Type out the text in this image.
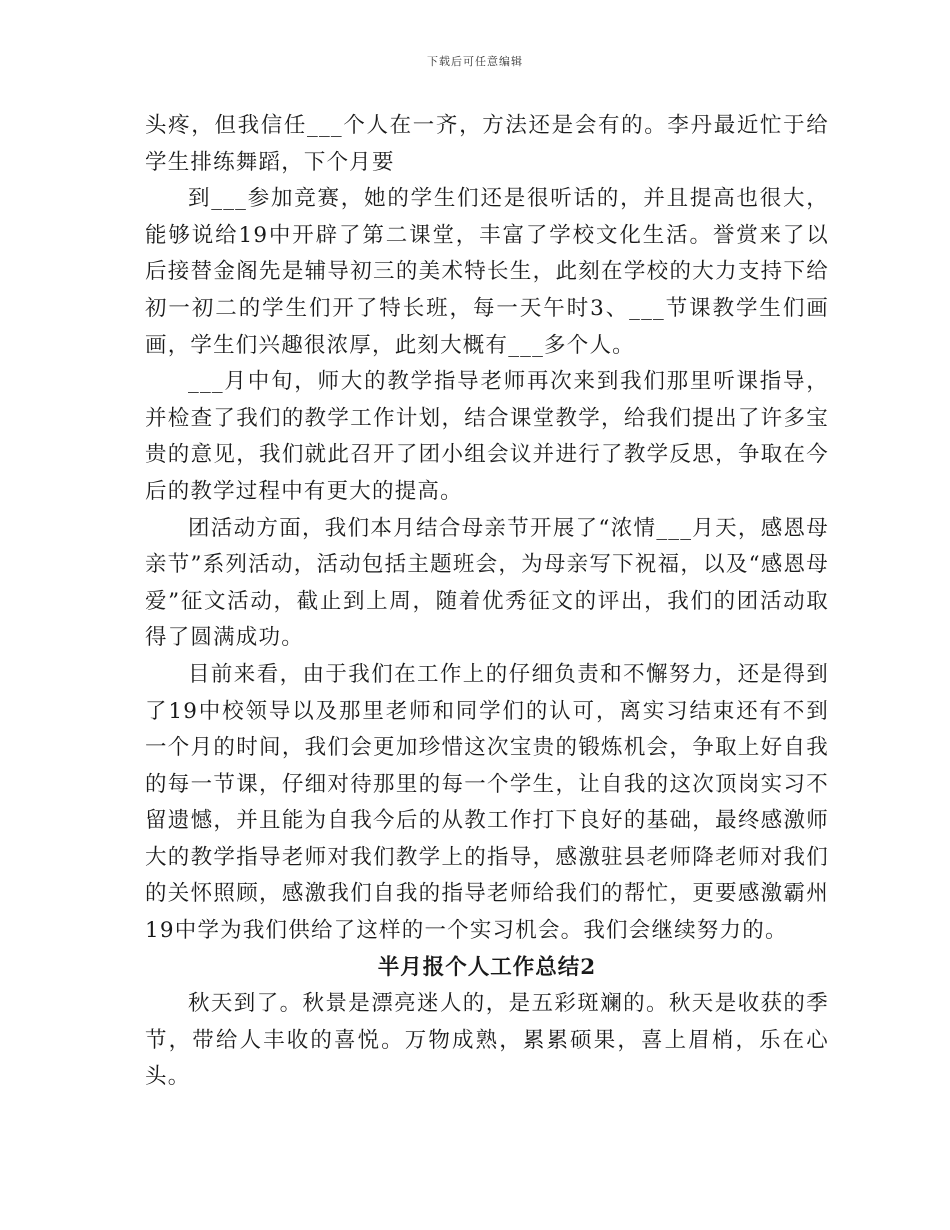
下载后可任意编辑

头疼，但我信任___个人在一齐，方法还是会有的。李丹最近忙于给学生排练舞蹈，下个月要

到___参加竞赛，她的学生们还是很听话的，并且提高也很大，能够说给19中开辟了第二课堂，丰富了学校文化生活。誉赏来了以后接替金阁先是辅导初三的美术特长生，此刻在学校的大力支持下给初一初二的学生们开了特长班，每一天午时3、___节课教学生们画画，学生们兴趣很浓厚，此刻大概有___多个人。

___月中旬，师大的教学指导老师再次来到我们那里听课指导，并检查了我们的教学工作计划，结合课堂教学，给我们提出了许多宝贵的意见，我们就此召开了团小组会议并进行了教学反思，争取在今后的教学过程中有更大的提高。

团活动方面，我们本月结合母亲节开展了“浓情___月天，感恩母亲节”系列活动，活动包括主题班会，为母亲写下祝福，以及“感恩母爱”征文活动，截止到上周，随着优秀征文的评出，我们的团活动取得了圆满成功。

目前来看，由于我们在工作上的仔细负责和不懈努力，还是得到了19中校领导以及那里老师和同学们的认可，离实习结束还有不到一个月的时间，我们会更加珍惜这次宝贵的锻炼机会，争取上好自我的每一节课，仔细对待那里的每一个学生，让自我的这次顶岗实习不留遗憾，并且能为自我今后的从教工作打下良好的基础，最终感激师大的教学指导老师对我们教学上的指导，感激驻县老师降老师对我们的关怀照顾，感激我们自我的指导老师给我们的帮忙，更要感激霸州19中学为我们供给了这样的一个实习机会。我们会继续努力的。

半月报个人工作总结2

秋天到了。秋景是漂亮迷人的，是五彩斑斓的。秋天是收获的季节，带给人丰收的喜悦。万物成熟，累累硕果，喜上眉梢，乐在心头。
